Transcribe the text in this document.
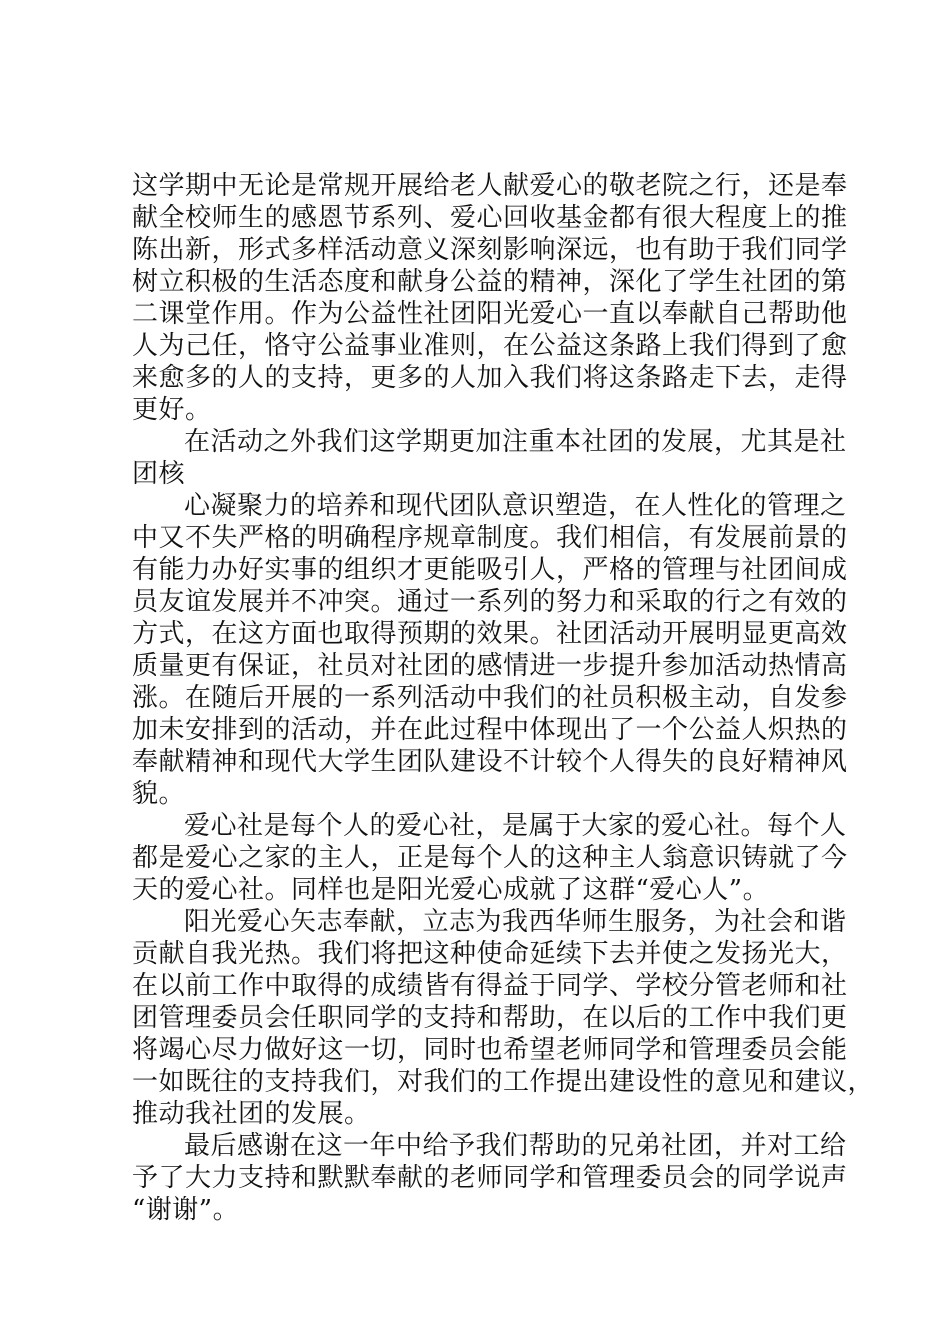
这学期中无论是常规开展给老人献爱心的敬老院之行，还是奉
献全校师生的感恩节系列、爱心回收基金都有很大程度上的推
陈出新，形式多样活动意义深刻影响深远，也有助于我们同学
树立积极的生活态度和献身公益的精神，深化了学生社团的第
二课堂作用。作为公益性社团阳光爱心一直以奉献自己帮助他
人为己任，恪守公益事业准则，在公益这条路上我们得到了愈
来愈多的人的支持，更多的人加入我们将这条路走下去，走得
更好。

在活动之外我们这学期更加注重本社团的发展，尤其是社
团核

心凝聚力的培养和现代团队意识塑造，在人性化的管理之
中又不失严格的明确程序规章制度。我们相信，有发展前景的
有能力办好实事的组织才更能吸引人，严格的管理与社团间成
员友谊发展并不冲突。通过一系列的努力和采取的行之有效的
方式，在这方面也取得预期的效果。社团活动开展明显更高效
质量更有保证，社员对社团的感情进一步提升参加活动热情高
涨。在随后开展的一系列活动中我们的社员积极主动，自发参
加未安排到的活动，并在此过程中体现出了一个公益人炽热的
奉献精神和现代大学生团队建设不计较个人得失的良好精神风
貌。

爱心社是每个人的爱心社，是属于大家的爱心社。每个人
都是爱心之家的主人，正是每个人的这种主人翁意识铸就了今
天的爱心社。同样也是阳光爱心成就了这群“爱心人”。

阳光爱心矢志奉献，立志为我西华师生服务，为社会和谐
贡献自我光热。我们将把这种使命延续下去并使之发扬光大，
在以前工作中取得的成绩皆有得益于同学、学校分管老师和社
团管理委员会任职同学的支持和帮助，在以后的工作中我们更
将竭心尽力做好这一切，同时也希望老师同学和管理委员会能
一如既往的支持我们，对我们的工作提出建设性的意见和建议，
推动我社团的发展。

最后感谢在这一年中给予我们帮助的兄弟社团，并对工给
予了大力支持和默默奉献的老师同学和管理委员会的同学说声
“谢谢”。
